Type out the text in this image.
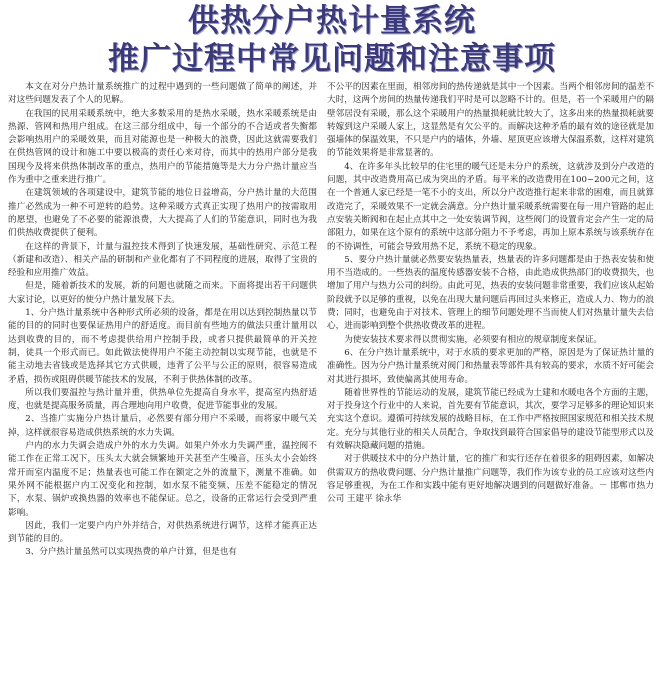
供热分户热计量系统
推广过程中常见问题和注意事项

本文在对分户热计量系统推广的过程中遇到的一些问题做了简单的阐述，并对这些问题发表了个人的见解。

在我国的民用采暖系统中，绝大多数采用的是热水采暖，热水采暖系统是由热源、管网和热用户组成。在这三部分组成中，每一个部分的不合适或者失衡都会影响热用户的采暖效果，而且对能源也是一种极大的浪费，因此这就需要我们在供热管网的设计和施工中要以极高的责任心来对待，而其中的热用户部分是我国现今及将来供热体制改革的重点，热用户的节能措施等是大力分户热计量应当作为重中之重来进行推广。

在建筑领域的各项建设中，建筑节能的地位日益增高，分户热计量的大范围推广必然成为一种不可逆转的趋势。这种采暖方式真正实现了热用户的按需取用的愿望，也避免了不必要的能源浪费，大大提高了人们的节能意识，同时也为我们供热收费提供了便利。

在这样的背景下，计量与温控技术得到了快速发展，基础性研究、示范工程（新建和改造）、相关产品的研制和产业化都有了不同程度的进展，取得了宝贵的经验和应用推广效益。

但是，随着新技术的发展，新的问题也就随之而来。下面将提出若干问题供大家讨论，以更好的使分户热计量发展下去。

1、分户热计量系统中各种形式所必须的设备，都是在用以达到控制热量以节能的目的的同时也要保证热用户的舒适度。而目前有些地方的做法只重计量用以达到收费的目的，而不考虑提供给用户控制手段，或者只提供最简单的开关控制，徒具一个形式而已。如此做法使得用户不能主动控制以实现节能，也就是不能主动地去省钱或是选择其它方式供暖，违背了公平与公正的原则，很容易造成矛盾，损伤或阻碍供暖节能技术的发展，不利于供热体制的改革。

所以我们要温控与热计量并重，供热单位先提高自身水平，提高室内热舒适度，也就是提高服务质量，再合理地向用户收费，促进节能事业的发展。

2、当推广实施分户热计量后，必然要有部分用户不采暖，而将家中暖气关掉，这样就很容易造成供热系统的水力失调。

户内的水力失调会造成户外的水力失调。如果户外水力失调严重，温控阀不能工作在正常工况下，压头太大就会频繁地开关甚至产生噪音，压头太小会始终常开而室内温度不足；热量表也可能工作在额定之外的流量下，测量不准确。如果外网不能根据户内工况变化和控制，如水泵不能变频、压差不能稳定的情况下，水泵、锅炉或换热器的效率也不能保证。总之，设备的正常运行会受到严重影响。

因此，我们一定要户内户外并结合，对供热系统进行调节，这样才能真正达到节能的目的。

3、分户热计量虽然可以实现热费的单户计算，但是也有

不公平的因素在里面，相邻房间的热传递就是其中一个因素。当两个相邻房间的温差不大时，这两个房间的热量传递我们平时是可以忽略不计的。但是，若一个采暖用户的隔壁邻居没有采暖，那么这个采暖用户的热量损耗就比较大了，这多出来的热量损耗就要转嫁到这户采暖人家上，这显然是有欠公平的。而解决这种矛盾的最有效的途径就是加强墙体的保温效果，不只是户内的墙体，外墙、屋顶更应该增大保温系数，这样对建筑的节能效果将是非常显著的。

4、在许多年头比较早的住宅里的暖气还是未分户的系统，这就涉及到分户改造的问题，其中改造费用高已成为突出的矛盾。每平米的改造费用在100~200元之间，这在一个普通人家已经是一笔不小的支出，所以分户改造推行起来非常的困难，而且就算改造完了，采暖效果不一定就会满意。分户热计量采暖系统需要在每一用户管路的起止点安装关断阀和在起止点其中之一处安装调节阀，这些阀门的设置肯定会产生一定的局部阻力，如果在这个原有的系统中这部分阻力不予考虑，再加上原本系统与该系统存在的不协调性，可能会导致用热不足，系统不稳定的现象。

5、要分户热计量就必然要安装热量表，热量表的许多问题都是由于热表安装和使用不当造成的。一些热表的温度传感器安装不合格，由此造成供热部门的收费损失，也增加了用户与热力公司的纠纷。由此可见，热表的安装问题非常重要，我们应该从起始阶段就予以足够的重视，以免在出现大量问题后再回过头来修正，造成人力、物力的浪费；同时，也避免由于对技术、管理上的细节问题处理不当而使人们对热量计量失去信心，进而影响到整个供热收费改革的进程。

为使安装技术要求得以贯彻实施，必须要有相应的规章制度来保证。

6、在分户热计量系统中，对于水质的要求更加的严格，原因是为了保证热计量的准确性。因为分户热计量系统对阀门和热量表等部件具有较高的要求，水质不好可能会对其进行损坏，致使偏离其使用寿命。

随着世界性的节能运动的发展，建筑节能已经成为土建和水暖电各个方面的主题，对于投身这个行业中的人来说，首先要有节能意识，其次，要学习足够多的理论知识来充实这个意识。遵循可持续发展的战略目标，在工作中严格按照国家规范和相关技术规定。充分与其他行业的相关人员配合，争取找到最符合国家倡导的建设节能型形式以及有效解决隐藏问题的措施。

对于供暖技术中的分户热计量，它的推广和实行还存在着很多的阻碍因素，如解决供需双方的热收费问题、分户热计量推广问题等，我们作为该专业的员工应该对这些内容足够重视，为在工作和实践中能有更好地解决遇到的问题做好准备。－ 邯郸市热力公司 王建平 徐永华
